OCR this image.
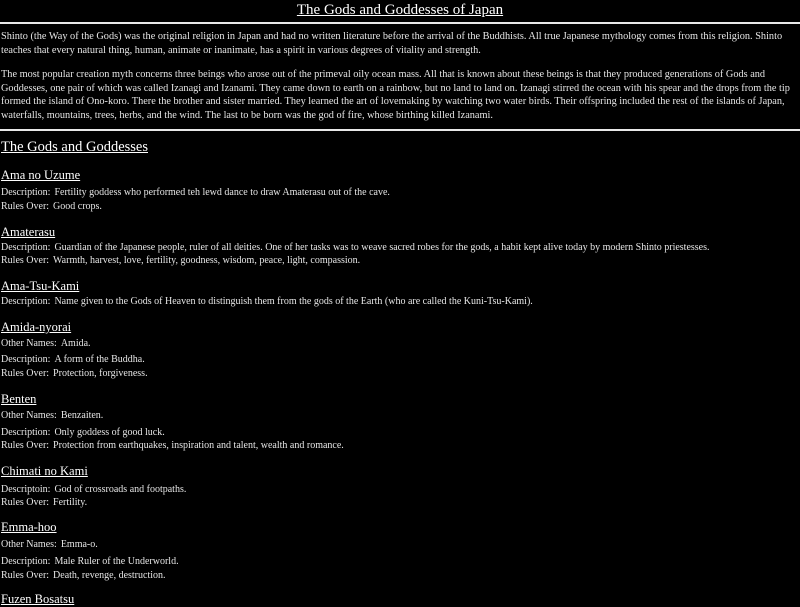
The Gods and Goddesses of Japan

Shinto (the Way of the Gods) was the original religion in Japan and had no written literature before the arrival of the Buddhists. All true Japanese mythology comes from this religion. Shinto teaches that every natural thing, human, animate or inanimate, has a spirit in various degrees of vitality and strength.

The most popular creation myth concerns three beings who arose out of the primeval oily ocean mass. All that is known about these beings is that they produced generations of Gods and Goddesses, one pair of which was called Izanagi and Izanami. They came down to earth on a rainbow, but no land to land on. Izanagi stirred the ocean with his spear and the drops from the tip formed the island of Ono-koro. There the brother and sister married. They learned the art of lovemaking by watching two water birds. Their offspring included the rest of the islands of Japan, waterfalls, mountains, trees, herbs, and the wind. The last to be born was the god of fire, whose birthing killed Izanami.

The Gods and Goddesses
Ama no Uzume
Description: Fertility goddess who performed teh lewd dance to draw Amaterasu out of the cave.
Rules Over: Good crops.
Amaterasu
Description: Guardian of the Japanese people, ruler of all deities. One of her tasks was to weave sacred robes for the gods, a habit kept alive today by modern Shinto priestesses.
Rules Over: Warmth, harvest, love, fertility, goodness, wisdom, peace, light, compassion.
Ama-Tsu-Kami
Description: Name given to the Gods of Heaven to distinguish them from the gods of the Earth (who are called the Kuni-Tsu-Kami).
Amida-nyorai
Other Names: Amida.
Description: A form of the Buddha.
Rules Over: Protection, forgiveness.
Benten
Other Names: Benzaiten.
Description: Only goddess of good luck.
Rules Over: Protection from earthquakes, inspiration and talent, wealth and romance.
Chimati no Kami
Descriptoin: God of crossroads and footpaths.
Rules Over: Fertility.
Emma-hoo
Other Names: Emma-o.
Description: Male Ruler of the Underworld.
Rules Over: Death, revenge, destruction.
Fuzen Bosatsu
